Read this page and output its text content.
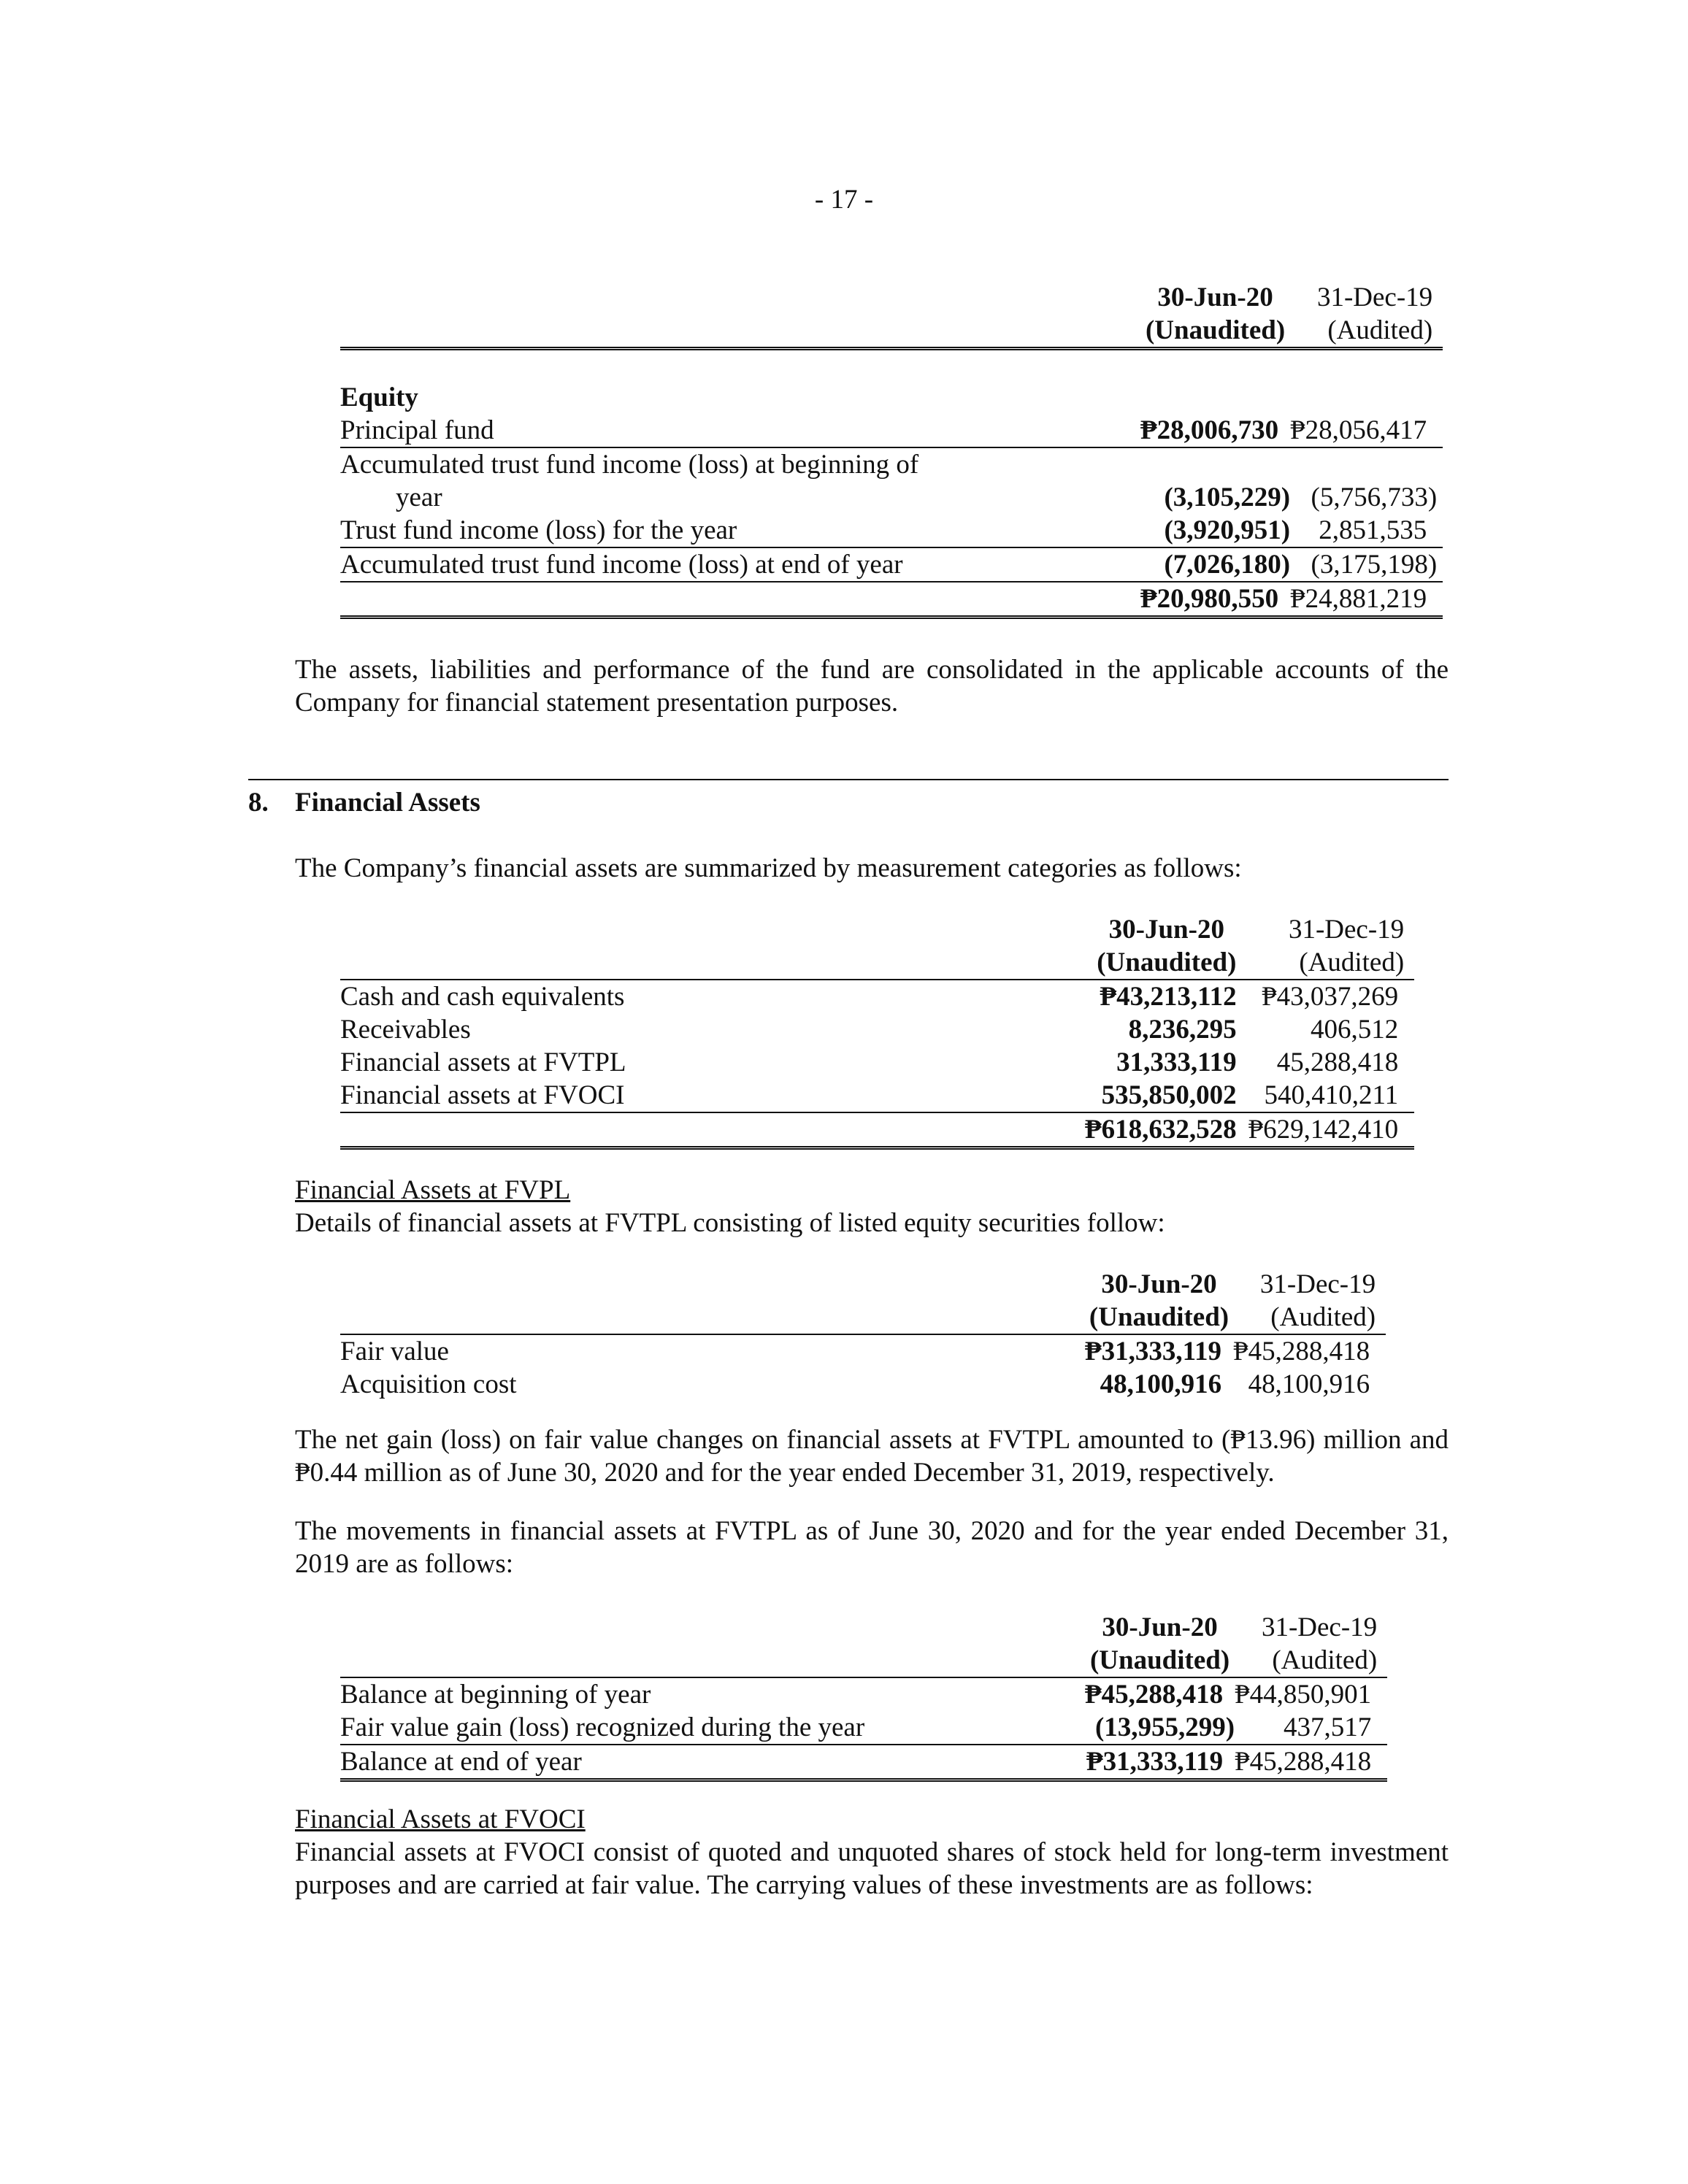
- 17 -
		30-Jun-20	31-Dec-19
		(Unaudited)	(Audited)

Equity			
Principal fund		₱28,006,730	₱28,056,417
Accumulated trust fund income (loss) at beginning of			
year		(3,105,229)	(5,756,733)
Trust fund income (loss) for the year		(3,920,951)	2,851,535
Accumulated trust fund income (loss) at end of year		(7,026,180)	(3,175,198)
		₱20,980,550	₱24,881,219
The assets, liabilities and performance of the fund are consolidated in the applicable accounts of the Company for financial statement presentation purposes.
8. Financial Assets
The Company’s financial assets are summarized by measurement categories as follows:
		30-Jun-20	31-Dec-19
		(Unaudited)	(Audited)
Cash and cash equivalents		₱43,213,112	₱43,037,269
Receivables		8,236,295	406,512
Financial assets at FVTPL		31,333,119	45,288,418
Financial assets at FVOCI		535,850,002	540,410,211
		₱618,632,528	₱629,142,410
Financial Assets at FVPL
Details of financial assets at FVTPL consisting of listed equity securities follow:
		30-Jun-20	31-Dec-19
		(Unaudited)	(Audited)
Fair value		₱31,333,119	₱45,288,418
Acquisition cost		48,100,916	48,100,916
The net gain (loss) on fair value changes on financial assets at FVTPL amounted to (₱13.96) million and ₱0.44 million as of June 30, 2020 and for the year ended December 31, 2019, respectively.
The movements in financial assets at FVTPL as of June 30, 2020 and for the year ended December 31, 2019 are as follows:
		30-Jun-20	31-Dec-19
		(Unaudited)	(Audited)
Balance at beginning of year		₱45,288,418	₱44,850,901
Fair value gain (loss) recognized during the year		(13,955,299)	437,517
Balance at end of year		₱31,333,119	₱45,288,418
Financial Assets at FVOCI
Financial assets at FVOCI consist of quoted and unquoted shares of stock held for long-term investment purposes and are carried at fair value. The carrying values of these investments are as follows:
